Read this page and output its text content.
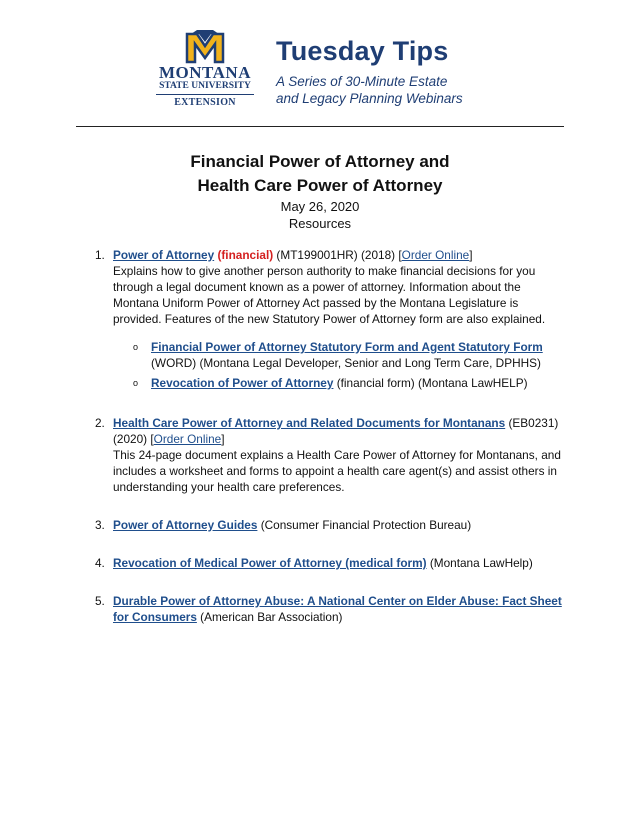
MONTANA
STATE UNIVERSITY
EXTENSION
Tuesday Tips
A Series of 30-Minute Estate
and Legacy Planning Webinars
Financial Power of Attorney and
Health Care Power of Attorney
May 26, 2020
Resources
1. Power of Attorney (financial) (MT199001HR) (2018) [Order Online]
Explains how to give another person authority to make financial decisions for you through a legal document known as a power of attorney. Information about the Montana Uniform Power of Attorney Act passed by the Montana Legislature is provided. Features of the new Statutory Power of Attorney form are also explained.
o Financial Power of Attorney Statutory Form and Agent Statutory Form (WORD) (Montana Legal Developer, Senior and Long Term Care, DPHHS)
o Revocation of Power of Attorney (financial form) (Montana LawHELP)
2. Health Care Power of Attorney and Related Documents for Montanans (EB0231) (2020) [Order Online]
This 24-page document explains a Health Care Power of Attorney for Montanans, and includes a worksheet and forms to appoint a health care agent(s) and assist others in understanding your health care preferences.
3. Power of Attorney Guides (Consumer Financial Protection Bureau)
4. Revocation of Medical Power of Attorney (medical form) (Montana LawHelp)
5. Durable Power of Attorney Abuse: A National Center on Elder Abuse: Fact Sheet for Consumers (American Bar Association)
